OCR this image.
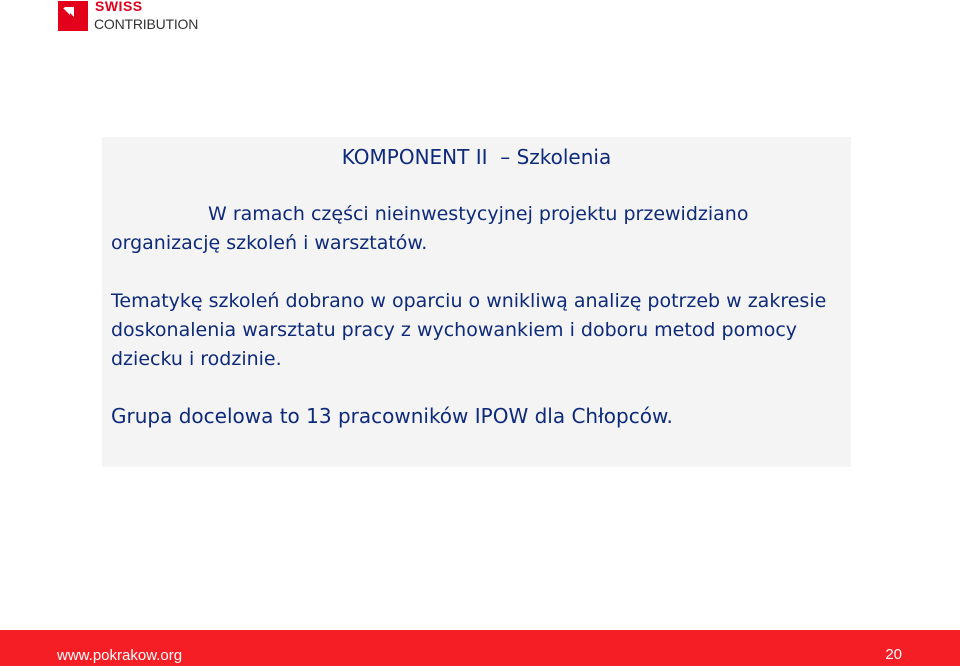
SWISS
CONTRIBUTION
KOMPONENT II  – Szkolenia
W ramach części nieinwestycyjnej projektu przewidziano organizację szkoleń i warsztatów.
Tematykę szkoleń dobrano w oparciu o wnikliwą analizę potrzeb w zakresie doskonalenia warsztatu pracy z wychowankiem i doboru metod pomocy dziecku i rodzinie.
Grupa docelowa to 13 pracowników IPOW dla Chłopców.
www.pokrakow.org	20
